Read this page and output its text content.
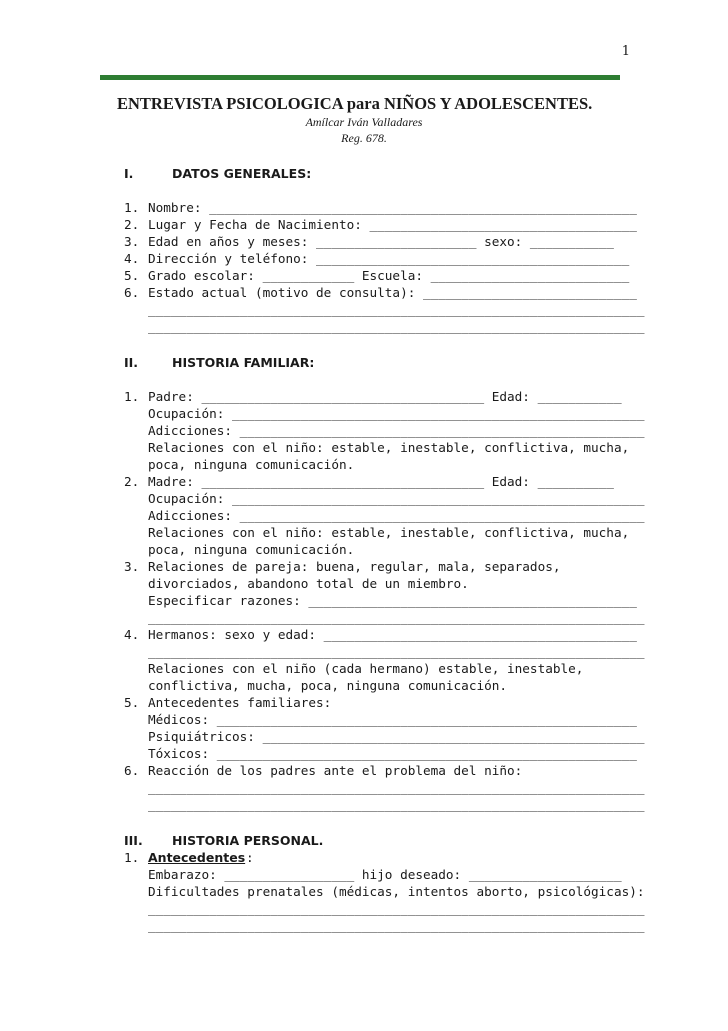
1
ENTREVISTA PSICOLOGICA para NIÑOS Y ADOLESCENTES.
Amílcar Iván Valladares
Reg. 678.
I.	DATOS GENERALES:
1. Nombre: ________________________________________________________
2. Lugar y Fecha de Nacimiento: ___________________________________
3. Edad en años y meses: _____________________ sexo: ___________
4. Dirección y teléfono: _________________________________________
5. Grado escolar: ____________ Escuela: __________________________
6. Estado actual (motivo de consulta): ____________________________
_________________________________________________________________
_________________________________________________________________
II.	HISTORIA FAMILIAR:
1. Padre: _____________________________________ Edad: ___________
Ocupación: ______________________________________________________
Adicciones: _____________________________________________________
Relaciones con el niño: estable, inestable, conflictiva, mucha,
poca, ninguna comunicación.
2. Madre: _____________________________________ Edad: __________
Ocupación: ______________________________________________________
Adicciones: _____________________________________________________
Relaciones con el niño: estable, inestable, conflictiva, mucha,
poca, ninguna comunicación.
3. Relaciones de pareja: buena, regular, mala, separados,
divorciados, abandono total de un miembro.
Especificar razones: ___________________________________________
_________________________________________________________________
4. Hermanos: sexo y edad: _________________________________________
_________________________________________________________________
Relaciones con el niño (cada hermano) estable, inestable,
conflictiva, mucha, poca, ninguna comunicación.
5. Antecedentes familiares:
Médicos: _______________________________________________________
Psiquiátricos: __________________________________________________
Tóxicos: _______________________________________________________
6. Reacción de los padres ante el problema del niño:
_________________________________________________________________
_________________________________________________________________
III. HISTORIA PERSONAL.
1. Antecedentes :
Embarazo: _________________ hijo deseado: ____________________
Dificultades prenatales (médicas, intentos aborto, psicológicas):
_________________________________________________________________
_________________________________________________________________
